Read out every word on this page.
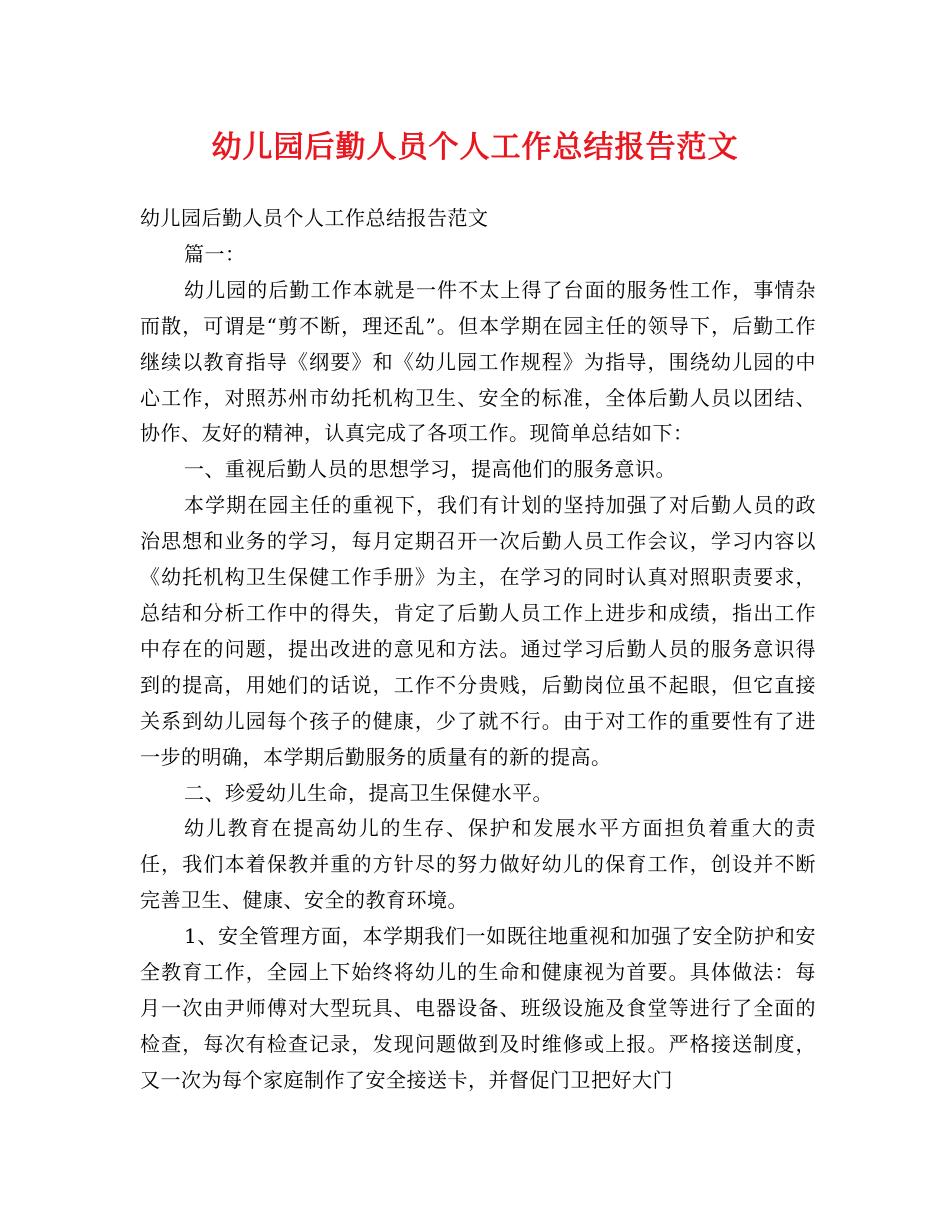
幼儿园后勤人员个人工作总结报告范文

幼儿园后勤人员个人工作总结报告范文

篇一：

幼儿园的后勤工作本就是一件不太上得了台面的服务性工作，事情杂而散，可谓是“剪不断，理还乱”。但本学期在园主任的领导下，后勤工作继续以教育指导《纲要》和《幼儿园工作规程》为指导，围绕幼儿园的中心工作，对照苏州市幼托机构卫生、安全的标准，全体后勤人员以团结、协作、友好的精神，认真完成了各项工作。现简单总结如下：

一、重视后勤人员的思想学习，提高他们的服务意识。

本学期在园主任的重视下，我们有计划的坚持加强了对后勤人员的政治思想和业务的学习，每月定期召开一次后勤人员工作会议，学习内容以《幼托机构卫生保健工作手册》为主，在学习的同时认真对照职责要求，总结和分析工作中的得失，肯定了后勤人员工作上进步和成绩，指出工作中存在的问题，提出改进的意见和方法。通过学习后勤人员的服务意识得到的提高，用她们的话说，工作不分贵贱，后勤岗位虽不起眼，但它直接关系到幼儿园每个孩子的健康，少了就不行。由于对工作的重要性有了进一步的明确，本学期后勤服务的质量有的新的提高。

二、珍爱幼儿生命，提高卫生保健水平。

幼儿教育在提高幼儿的生存、保护和发展水平方面担负着重大的责任，我们本着保教并重的方针尽的努力做好幼儿的保育工作，创设并不断完善卫生、健康、安全的教育环境。

1、安全管理方面，本学期我们一如既往地重视和加强了安全防护和安全教育工作，全园上下始终将幼儿的生命和健康视为首要。具体做法：每月一次由尹师傅对大型玩具、电器设备、班级设施及食堂等进行了全面的检查，每次有检查记录，发现问题做到及时维修或上报。严格接送制度，又一次为每个家庭制作了安全接送卡，并督促门卫把好大门
